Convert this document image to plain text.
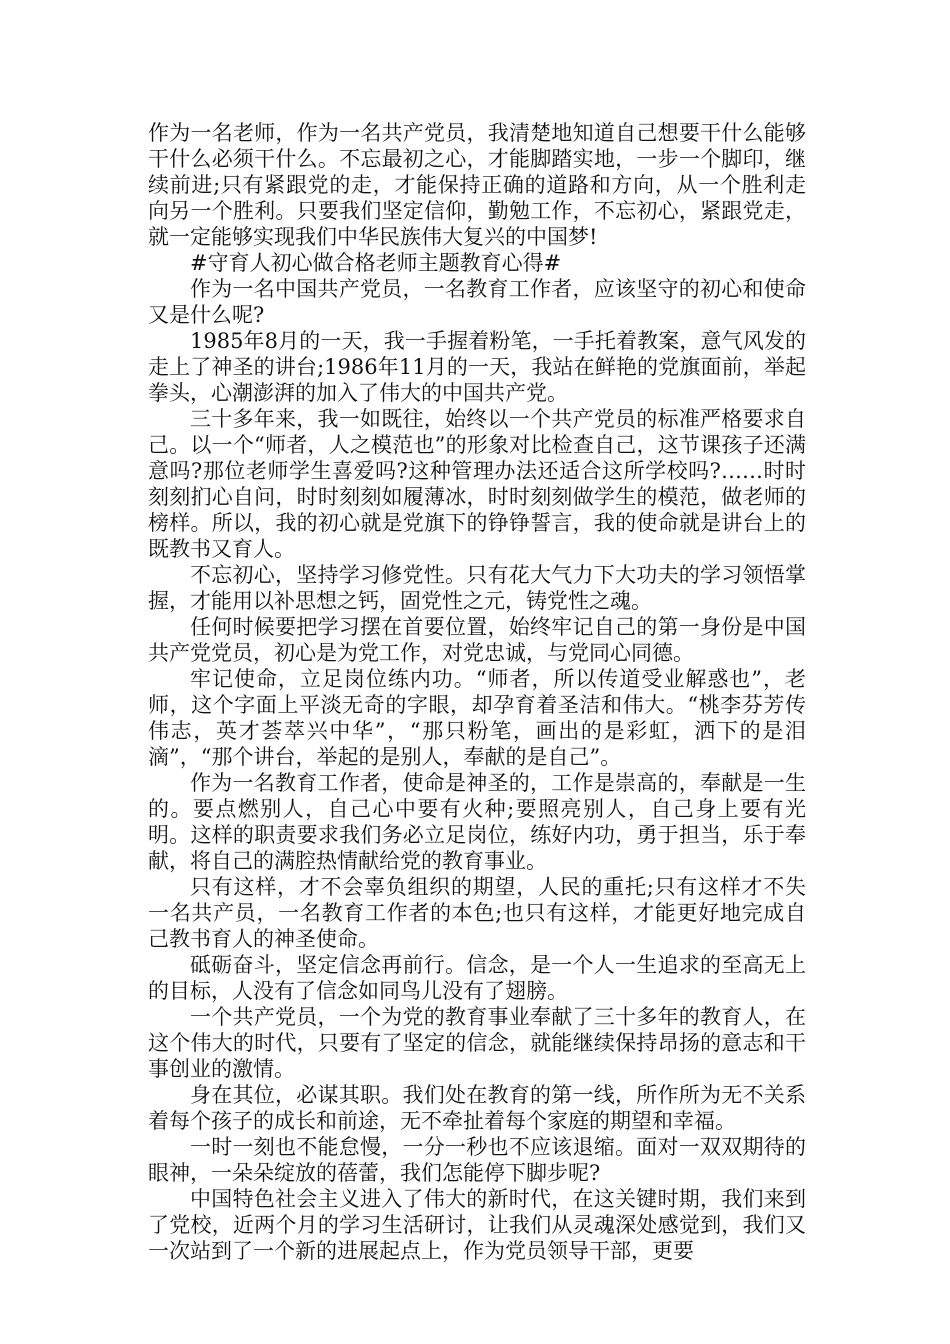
作为一名老师，作为一名共产党员，我清楚地知道自己想要干什么能够干什么必须干什么。不忘最初之心，才能脚踏实地，一步一个脚印，继续前进;只有紧跟党的走，才能保持正确的道路和方向，从一个胜利走向另一个胜利。只要我们坚定信仰，勤勉工作，不忘初心，紧跟党走，就一定能够实现我们中华民族伟大复兴的中国梦!

#守育人初心做合格老师主题教育心得#

作为一名中国共产党员，一名教育工作者，应该坚守的初心和使命又是什么呢?

1985年8月的一天，我一手握着粉笔，一手托着教案，意气风发的走上了神圣的讲台;1986年11月的一天，我站在鲜艳的党旗面前，举起拳头，心潮澎湃的加入了伟大的中国共产党。

三十多年来，我一如既往，始终以一个共产党员的标准严格要求自己。以一个“师者，人之模范也”的形象对比检查自己，这节课孩子还满意吗?那位老师学生喜爱吗?这种管理办法还适合这所学校吗?……时时刻刻扪心自问，时时刻刻如履薄冰，时时刻刻做学生的模范，做老师的榜样。所以，我的初心就是党旗下的铮铮誓言，我的使命就是讲台上的既教书又育人。

不忘初心，坚持学习修党性。只有花大气力下大功夫的学习领悟掌握，才能用以补思想之钙，固党性之元，铸党性之魂。

任何时候要把学习摆在首要位置，始终牢记自己的第一身份是中国共产党党员，初心是为党工作，对党忠诚，与党同心同德。

牢记使命，立足岗位练内功。“师者，所以传道受业解惑也”，老师，这个字面上平淡无奇的字眼，却孕育着圣洁和伟大。“桃李芬芳传伟志，英才荟萃兴中华”，“那只粉笔，画出的是彩虹，洒下的是泪滴”，“那个讲台，举起的是别人，奉献的是自己”。

作为一名教育工作者，使命是神圣的，工作是崇高的，奉献是一生的。要点燃别人，自己心中要有火种;要照亮别人，自己身上要有光明。这样的职责要求我们务必立足岗位，练好内功，勇于担当，乐于奉献，将自己的满腔热情献给党的教育事业。

只有这样，才不会辜负组织的期望，人民的重托;只有这样才不失一名共产员，一名教育工作者的本色;也只有这样，才能更好地完成自己教书育人的神圣使命。

砥砺奋斗，坚定信念再前行。信念，是一个人一生追求的至高无上的目标，人没有了信念如同鸟儿没有了翅膀。

一个共产党员，一个为党的教育事业奉献了三十多年的教育人，在这个伟大的时代，只要有了坚定的信念，就能继续保持昂扬的意志和干事创业的激情。

身在其位，必谋其职。我们处在教育的第一线，所作所为无不关系着每个孩子的成长和前途，无不牵扯着每个家庭的期望和幸福。

一时一刻也不能怠慢，一分一秒也不应该退缩。面对一双双期待的眼神，一朵朵绽放的蓓蕾，我们怎能停下脚步呢?

中国特色社会主义进入了伟大的新时代，在这关键时期，我们来到了党校，近两个月的学习生活研讨，让我们从灵魂深处感觉到，我们又一次站到了一个新的进展起点上，作为党员领导干部，更要
